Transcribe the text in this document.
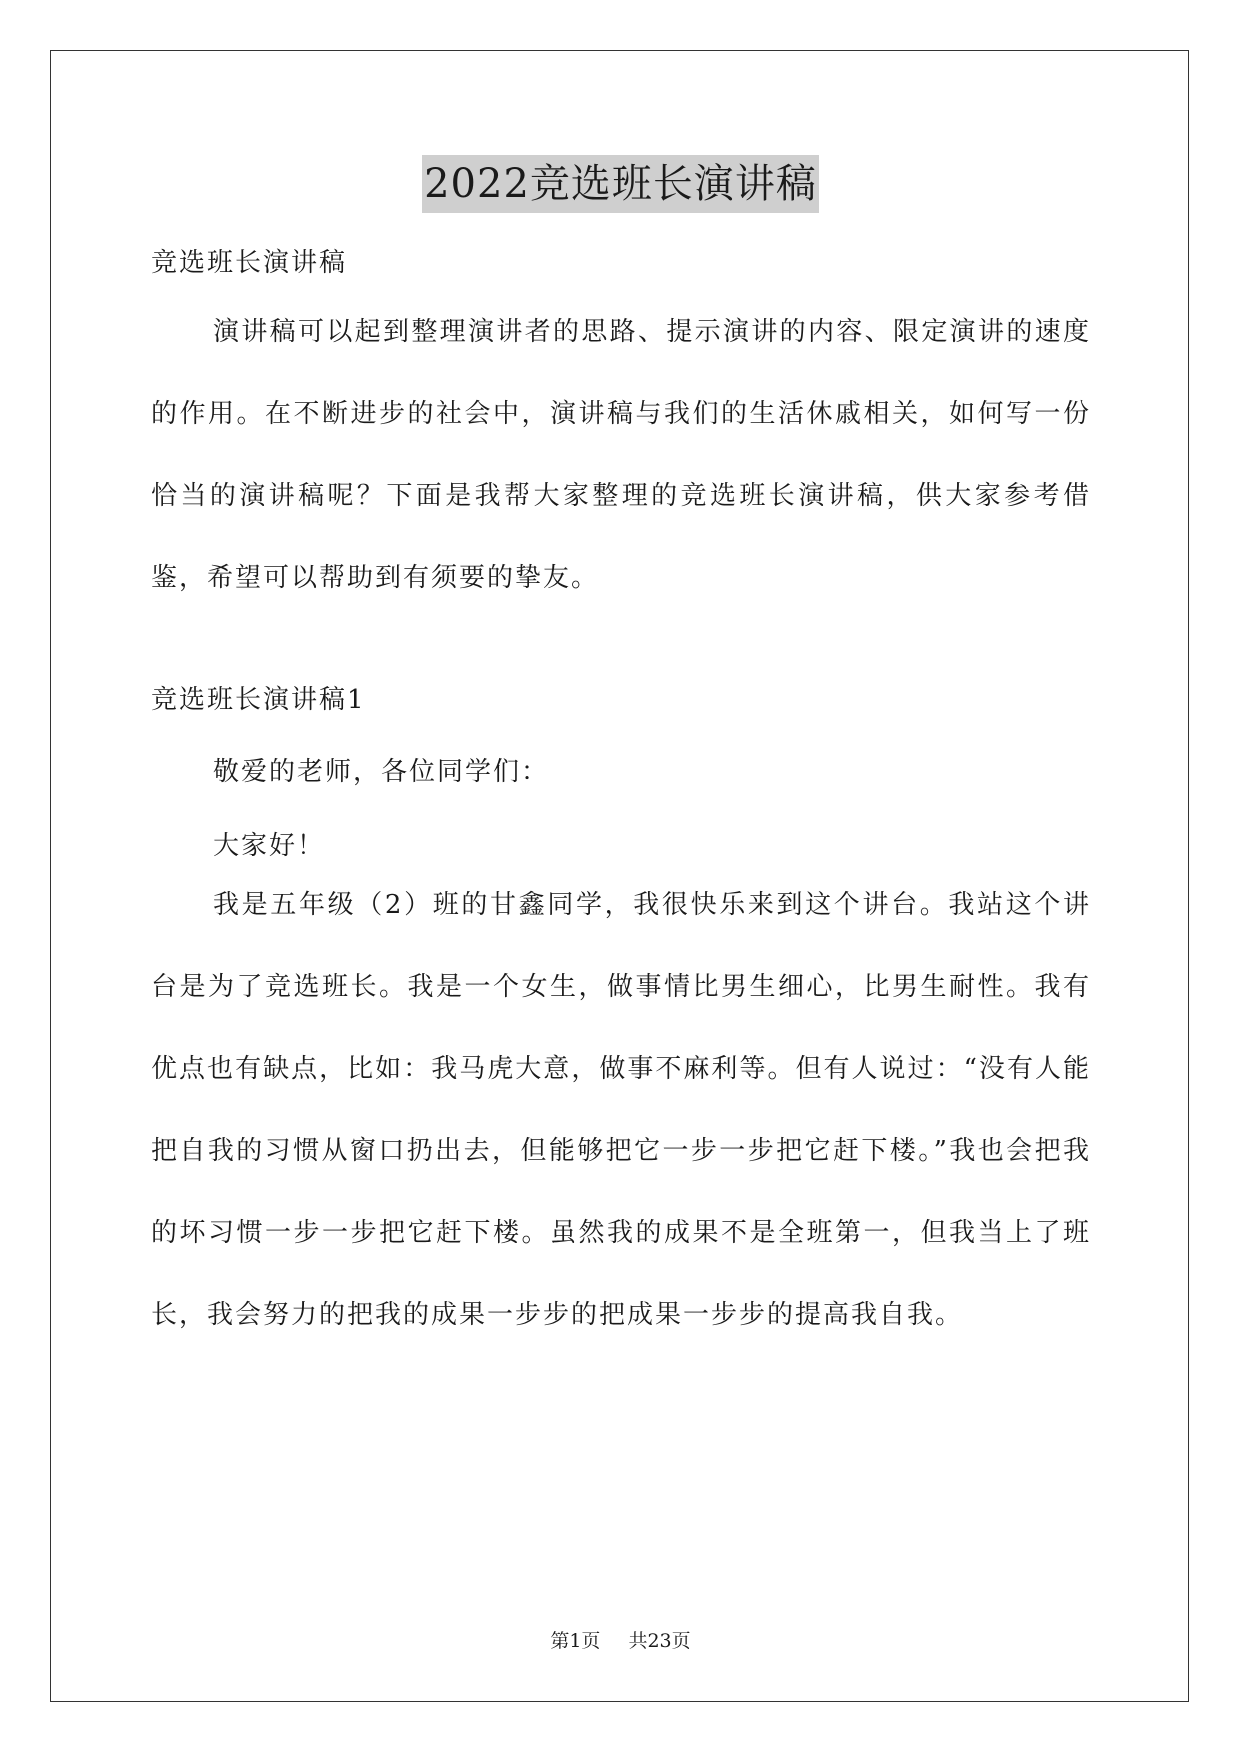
2022竞选班长演讲稿
竞选班长演讲稿
演讲稿可以起到整理演讲者的思路、提示演讲的内容、限定演讲的速度的作用。在不断进步的社会中，演讲稿与我们的生活休戚相关，如何写一份恰当的演讲稿呢？下面是我帮大家整理的竞选班长演讲稿，供大家参考借鉴，希望可以帮助到有须要的挚友。
竞选班长演讲稿1
敬爱的老师，各位同学们：
大家好！
我是五年级（2）班的甘鑫同学，我很快乐来到这个讲台。我站这个讲台是为了竞选班长。我是一个女生，做事情比男生细心，比男生耐性。我有优点也有缺点，比如：我马虎大意，做事不麻利等。但有人说过：“没有人能把自我的习惯从窗口扔出去，但能够把它一步一步把它赶下楼。”我也会把我的坏习惯一步一步把它赶下楼。虽然我的成果不是全班第一，但我当上了班长，我会努力的把我的成果一步步的把成果一步步的提高我自我。
第1页 共23页
